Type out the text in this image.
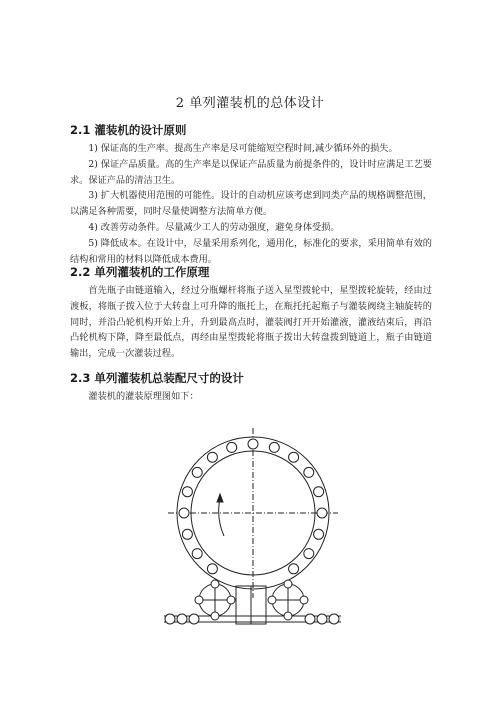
2 单列灌装机的总体设计
2.1 灌装机的设计原则

1) 保证高的生产率。提高生产率是尽可能缩短空程时间,减少循环外的损失。

2) 保证产品质量。高的生产率是以保证产品质量为前提条件的，设计时应满足工艺要求。保证产品的清洁卫生。

3) 扩大机器使用范围的可能性。设计的自动机应该考虑到同类产品的规格调整范围，以满足各种需要，同时尽量使调整方法简单方便。

4) 改善劳动条件。尽量减少工人的劳动强度，避免身体受损。

5) 降低成本。在设计中，尽量采用系列化，通用化，标准化的要求，采用简单有效的结构和常用的材料以降低成本费用。

2.2 单列灌装机的工作原理

首先瓶子由链道输入，经过分瓶螺杆将瓶子送入星型拨轮中，星型拨轮旋转，经由过渡板，将瓶子拨入位于大转盘上可升降的瓶托上，在瓶托托起瓶子与灌装阀绕主轴旋转的同时，并沿凸轮机构开始上升，升到最高点时，灌装阀打开开始灌液，灌液结束后，再沿凸轮机构下降，降至最低点，再经由星型拨轮将瓶子拨出大转盘拨到链道上，瓶子由链道输出，完成一次灌装过程。

2.3 单列灌装机总装配尺寸的设计

灌装机的灌装原理图如下：
